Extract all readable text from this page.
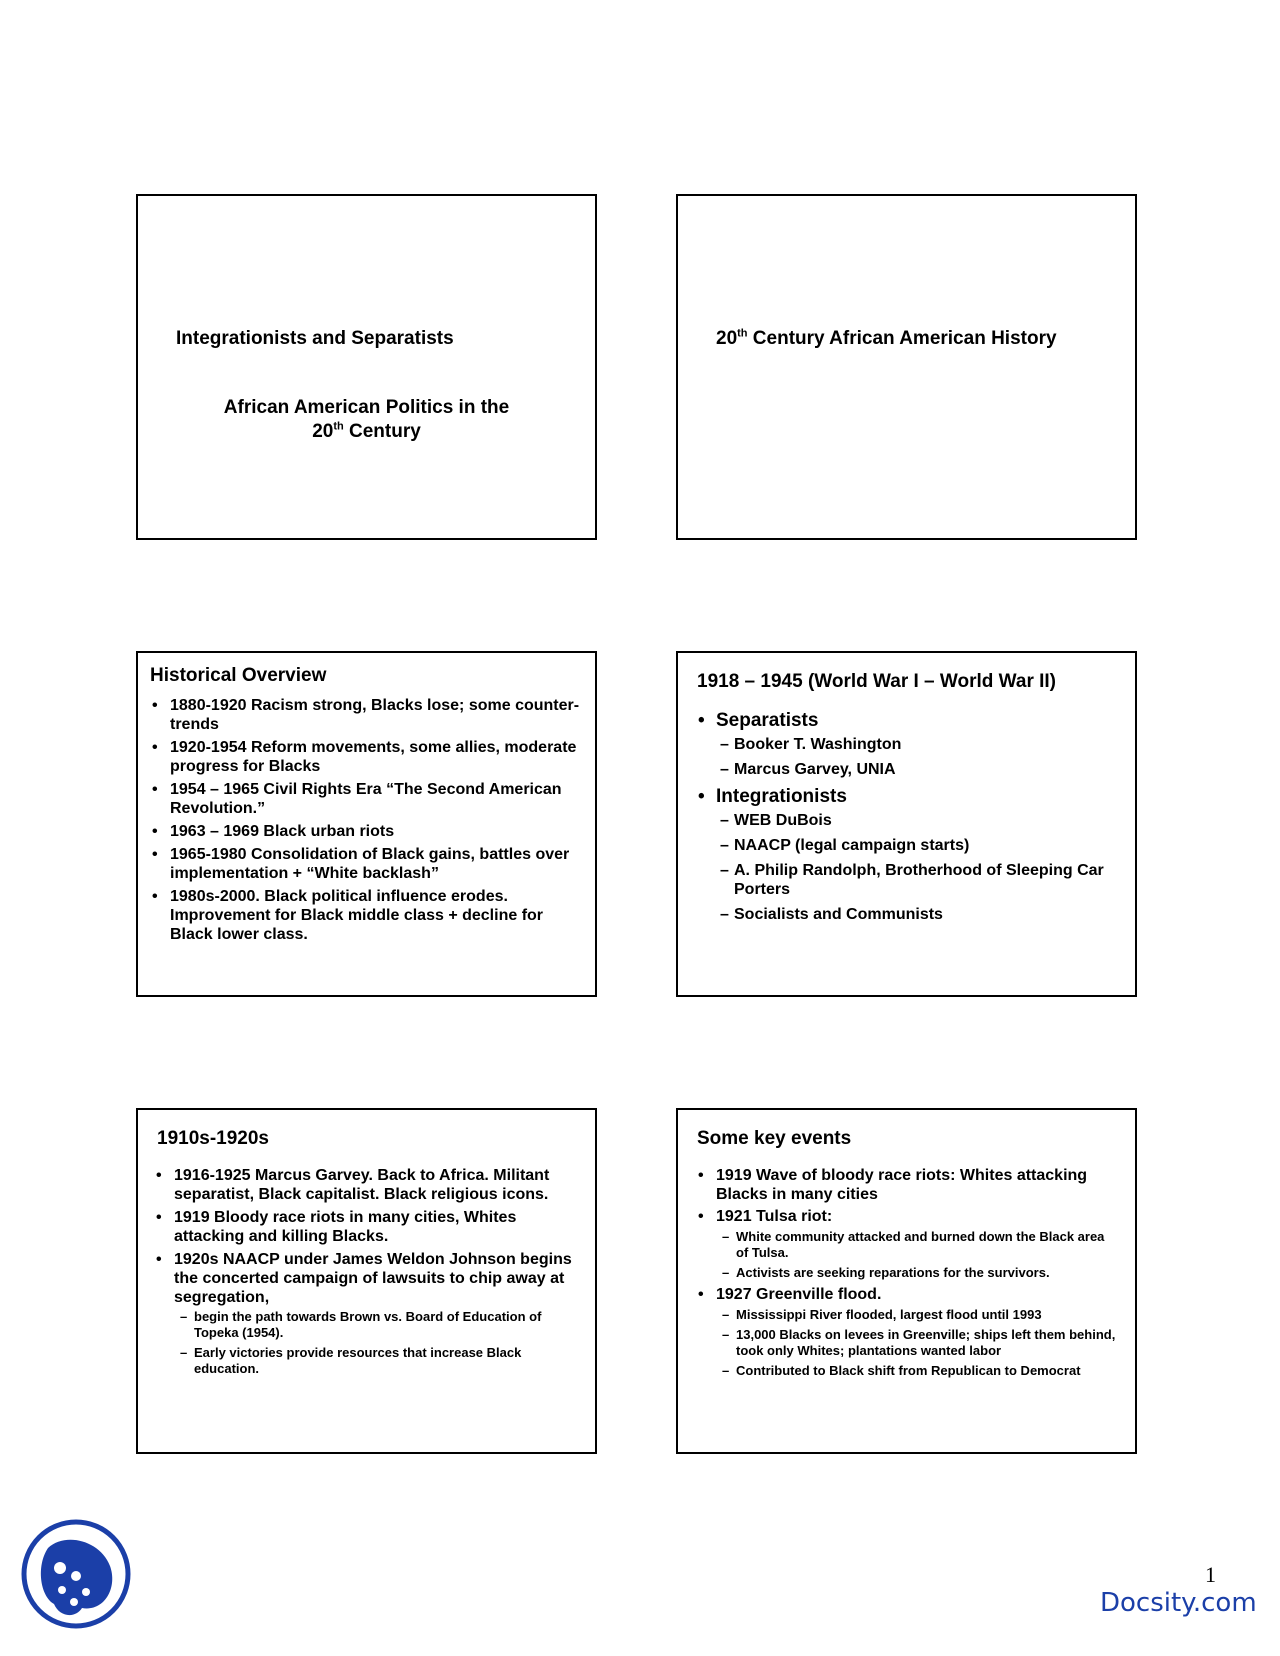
Integrationists and Separatists
African American Politics in the
20th Century
20th Century African American History
Historical Overview
• 1880-1920 Racism strong, Blacks lose; some counter-trends
• 1920-1954 Reform movements, some allies, moderate progress for Blacks
• 1954 – 1965 Civil Rights Era “The Second American Revolution.”
• 1963 – 1969 Black urban riots
• 1965-1980 Consolidation of Black gains, battles over implementation + “White backlash”
• 1980s-2000. Black political influence erodes. Improvement for Black middle class + decline for Black lower class.
1918 – 1945 (World War I – World War II)
• Separatists
– Booker T. Washington
– Marcus Garvey, UNIA
• Integrationists
– WEB DuBois
– NAACP (legal campaign starts)
– A. Philip Randolph, Brotherhood of Sleeping Car Porters
– Socialists and Communists
1910s-1920s
• 1916-1925 Marcus Garvey. Back to Africa. Militant separatist, Black capitalist. Black religious icons.
• 1919 Bloody race riots in many cities, Whites attacking and killing Blacks.
• 1920s NAACP under James Weldon Johnson begins the concerted campaign of lawsuits to chip away at segregation,
– begin the path towards Brown vs. Board of Education of Topeka (1954).
– Early victories provide resources that increase Black education.
Some key events
• 1919 Wave of bloody race riots: Whites attacking Blacks in many cities
• 1921 Tulsa riot:
– White community attacked and burned down the Black area of Tulsa.
– Activists are seeking reparations for the survivors.
• 1927 Greenville flood.
– Mississippi River flooded, largest flood until 1993
– 13,000 Blacks on levees in Greenville; ships left them behind, took only Whites; plantations wanted labor
– Contributed to Black shift from Republican to Democrat
1
Docsity.com
